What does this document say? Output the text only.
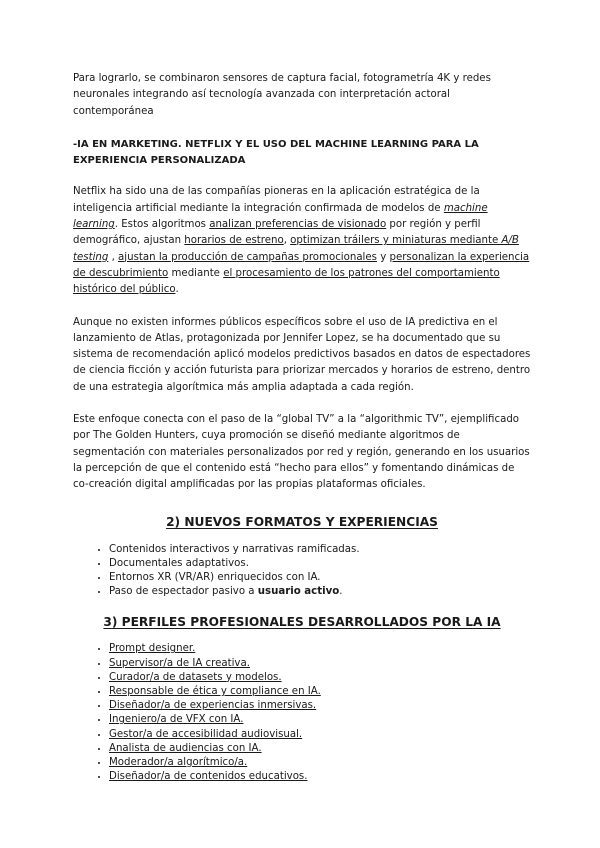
Para lograrlo, se combinaron sensores de captura facial, fotogrametría 4K y redes neuronales integrando así tecnología avanzada con interpretación actoral contemporánea

-IA EN MARKETING. NETFLIX Y EL USO DEL MACHINE LEARNING PARA LA EXPERIENCIA PERSONALIZADA

Netflix ha sido una de las compañías pioneras en la aplicación estratégica de la inteligencia artificial mediante la integración confirmada de modelos de machine learning. Estos algoritmos analizan preferencias de visionado por región y perfil demográfico, ajustan horarios de estreno, optimizan tráilers y miniaturas mediante A/B testing , ajustan la producción de campañas promocionales y personalizan la experiencia de descubrimiento mediante el procesamiento de los patrones del comportamiento histórico del público.

Aunque no existen informes públicos específicos sobre el uso de IA predictiva en el lanzamiento de Atlas, protagonizada por Jennifer Lopez, se ha documentado que su sistema de recomendación aplicó modelos predictivos basados en datos de espectadores de ciencia ficción y acción futurista para priorizar mercados y horarios de estreno, dentro de una estrategia algorítmica más amplia adaptada a cada región.

Este enfoque conecta con el paso de la “global TV” a la “algorithmic TV”, ejemplificado por The Golden Hunters, cuya promoción se diseñó mediante algoritmos de segmentación con materiales personalizados por red y región, generando en los usuarios la percepción de que el contenido está “hecho para ellos” y fomentando dinámicas de co-creación digital amplificadas por las propias plataformas oficiales.

2) NUEVOS FORMATOS Y EXPERIENCIAS
• Contenidos interactivos y narrativas ramificadas.
• Documentales adaptativos.
• Entornos XR (VR/AR) enriquecidos con IA.
• Paso de espectador pasivo a usuario activo.
3) PERFILES PROFESIONALES DESARROLLADOS POR LA IA
• Prompt designer.
• Supervisor/a de IA creativa.
• Curador/a de datasets y modelos.
• Responsable de ética y compliance en IA.
• Diseñador/a de experiencias inmersivas.
• Ingeniero/a de VFX con IA.
• Gestor/a de accesibilidad audiovisual.
• Analista de audiencias con IA.
• Moderador/a algorítmico/a.
• Diseñador/a de contenidos educativos.
